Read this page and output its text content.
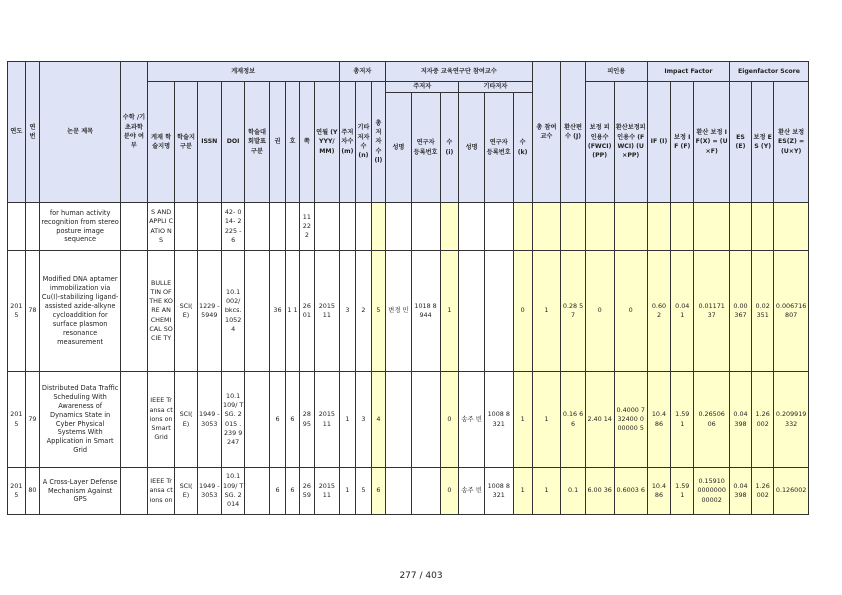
연도	연번	논문 제목	수학 /기초과학 분야 여부	게재정보									총저자			저자중 교육연구단 참여교수						총 참여교수	환산편수 (J)	피인용		Impact Factor			Eigenfactor Score		
				게재 학술지명	학술지 구분	ISSN	DOI	학술대회발표 구분	권	호	쪽	연월 (YYYY/MM)	주저자수 (m)	기타저자수 (n)	총저자수 (l)	주저자			기타저자					보정 피인용수 (FWCI) (PP)	환산보정피인용수 (FWCI) (U×PP)	IF (I)	보정 IF (F)	환산 보정 IF(X) = (U×F)	ES (E)	보정 ES (Y)	환산 보정 ES(Z) =(U×Y)
																성명	연구자 등록번호	수 (i)	성명	연구자 등록번호	수 (k)										
		for human activity recognition from stereo posture image sequence		S AND APPLI CATIO NS			42- 014- 2225 -6				11 22 2																				
201 5	78	Modified DNA aptamer immobilization via Cu(I)-stabilizing ligand-assisted azide-alkyne cycloaddition for surface plasmon resonance measurement		BULLE TIN OF THE KORE AN CHEMI CAL SOCIE TY	SCI( E)	1229 - 5949	10.1 002/ bkcs. 1052 4		36	1 1	26 01	2015 11	3	2	5	변경 민	1018 8944	1			0	1	0.28 57	0	0	0.60 2	0.04 1	0.01171 37	0.00 367	0.02 351	0.006716 807
201 5	79	Distributed Data Traffic Scheduling With Awareness of Dynamics State in Cyber Physical Systems With Application in Smart Grid		IEEE Transa ctions on Smart Grid	SCI( E)	1949 - 3053	10.1 109/ TSG. 2015 .239 9247		6	6	28 95	2015 11	1	3	4			0	송주 빈	1008 8321	1	1	0.16 66	2.40 14	0.4000 732400 000000 5	10.4 86	1.59 1	0.26506 06	0.04 398	1.26 002	0.209919 332
201 5	80	A Cross-Layer Defense Mechanism Against GPS		IEEE Transa ctions on	SCI( E)	1949 - 3053	10.1 109/ TSG. 2014		6	6	26 59	2015 11	1	5	6			0	송주 빈	1008 8321	1	1	0.1	6.00 36	0.6003 6	10.4 86	1.59 1	0.15910 0000000 00002	0.04 398	1.26 002	0.126002
277 / 403
